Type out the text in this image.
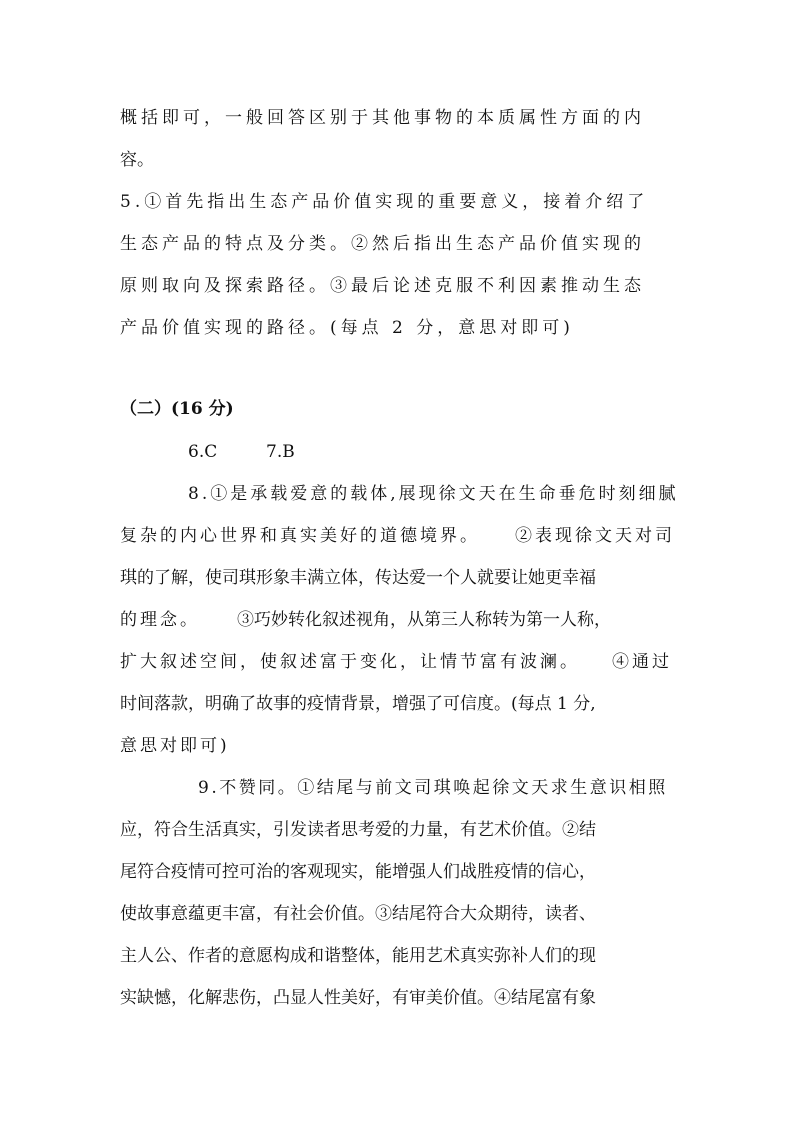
概括即可，一般回答区别于其他事物的本质属性方面的内
容。
5.①首先指出生态产品价值实现的重要意义，接着介绍了
生态产品的特点及分类。②然后指出生态产品价值实现的
原则取向及探索路径。③最后论述克服不利因素推动生态
产品价值实现的路径。(每点 2 分，意思对即可)
（二）(16 分)
6.C	7.B
8.①是承载爱意的载体,展现徐文天在生命垂危时刻细腻
复杂的内心世界和真实美好的道德境界。 ②表现徐文天对司
琪的了解，使司琪形象丰满立体，传达爱一个人就要让她更幸福
的理念。 ③巧妙转化叙述视角，从第三人称转为第一人称，
扩大叙述空间，使叙述富于变化，让情节富有波澜。 ④通过
时间落款，明确了故事的疫情背景，增强了可信度。(每点 1 分,
意思对即可)
9.不赞同。①结尾与前文司琪唤起徐文天求生意识相照
应，符合生活真实，引发读者思考爱的力量，有艺术价值。②结
尾符合疫情可控可治的客观现实，能增强人们战胜疫情的信心，
使故事意蕴更丰富，有社会价值。③结尾符合大众期待，读者、
主人公、作者的意愿构成和谐整体，能用艺术真实弥补人们的现
实缺憾，化解悲伤，凸显人性美好，有审美价值。④结尾富有象
